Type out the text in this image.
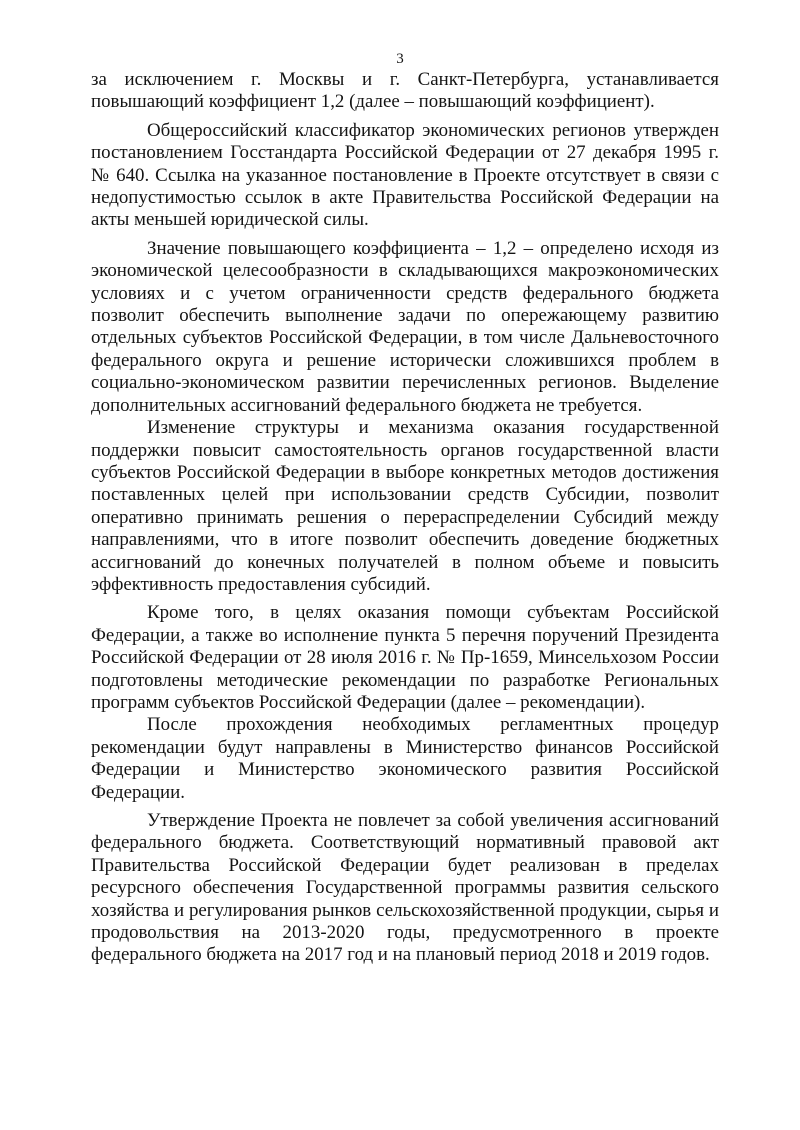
3

за исключением г. Москвы и г. Санкт-Петербурга, устанавливается повышающий коэффициент 1,2 (далее – повышающий коэффициент).

Общероссийский классификатор экономических регионов утвержден постановлением Госстандарта Российской Федерации от 27 декабря 1995 г. № 640. Ссылка на указанное постановление в Проекте отсутствует в связи с недопустимостью ссылок в акте Правительства Российской Федерации на акты меньшей юридической силы.

Значение повышающего коэффициента – 1,2 – определено исходя из экономической целесообразности в складывающихся макроэкономических условиях и с учетом ограниченности средств федерального бюджета позволит обеспечить выполнение задачи по опережающему развитию отдельных субъектов Российской Федерации, в том числе Дальневосточного федерального округа и решение исторически сложившихся проблем в социально-экономическом развитии перечисленных регионов. Выделение дополнительных ассигнований федерального бюджета не требуется.

Изменение структуры и механизма оказания государственной поддержки повысит самостоятельность органов государственной власти субъектов Российской Федерации в выборе конкретных методов достижения поставленных целей при использовании средств Субсидии, позволит оперативно принимать решения о перераспределении Субсидий между направлениями, что в итоге позволит обеспечить доведение бюджетных ассигнований до конечных получателей в полном объеме и повысить эффективность предоставления субсидий.

Кроме того, в целях оказания помощи субъектам Российской Федерации, а также во исполнение пункта 5 перечня поручений Президента Российской Федерации от 28 июля 2016 г. № Пр-1659, Минсельхозом России подготовлены методические рекомендации по разработке Региональных программ субъектов Российской Федерации (далее – рекомендации).

После прохождения необходимых регламентных процедур рекомендации будут направлены в Министерство финансов Российской Федерации и Министерство экономического развития Российской Федерации.

Утверждение Проекта не повлечет за собой увеличения ассигнований федерального бюджета. Соответствующий нормативный правовой акт Правительства Российской Федерации будет реализован в пределах ресурсного обеспечения Государственной программы развития сельского хозяйства и регулирования рынков сельскохозяйственной продукции, сырья и продовольствия на 2013-2020 годы, предусмотренного в проекте федерального бюджета на 2017 год и на плановый период 2018 и 2019 годов.
